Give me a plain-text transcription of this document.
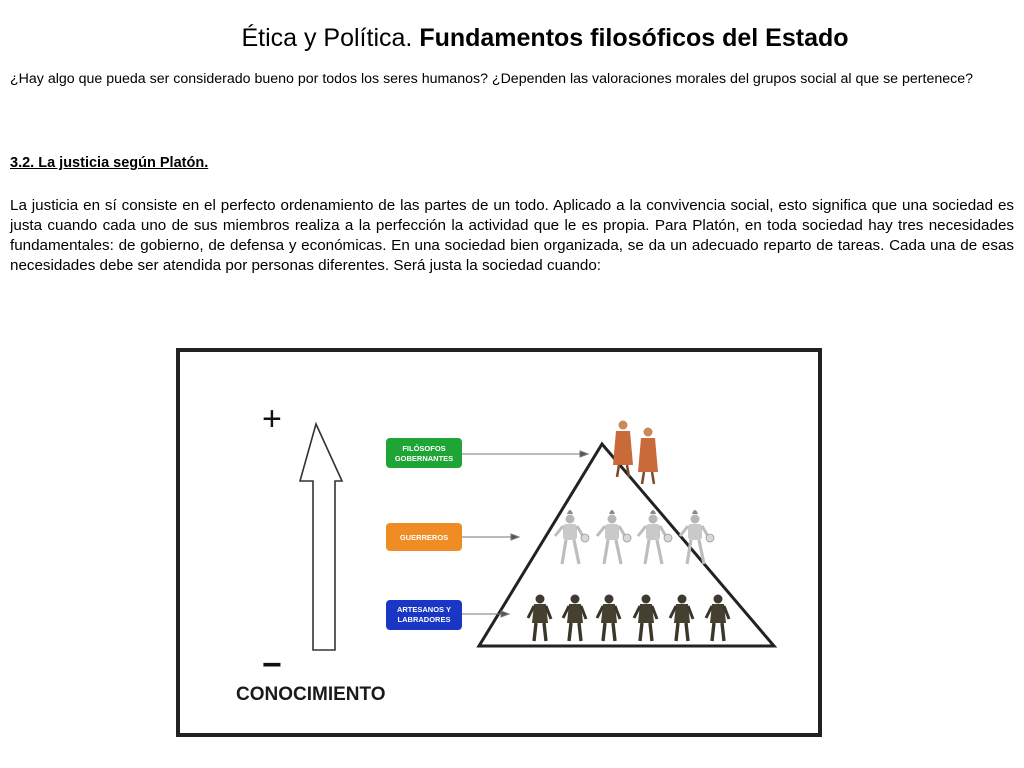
Ética y Política. Fundamentos filosóficos del Estado
¿Hay algo que pueda ser considerado bueno por todos los seres humanos? ¿Dependen las valoraciones morales del grupos social al que se pertenece?
3.2. La justicia según Platón.
La justicia en sí consiste en el perfecto ordenamiento de las partes de un todo. Aplicado a la convivencia social, esto significa que una sociedad es justa cuando cada uno de sus miembros realiza a la perfección la actividad que le es propia. Para Platón, en toda sociedad hay tres necesidades fundamentales: de gobierno, de defensa y económicas. En una sociedad bien organizada, se da un adecuado reparto de tareas. Cada una de esas necesidades debe ser atendida por personas diferentes. Será justa la sociedad cuando:
+
−
CONOCIMIENTO
FILÓSOFOS
GOBERNANTES
GUERREROS
ARTESANOS Y
LABRADORES
